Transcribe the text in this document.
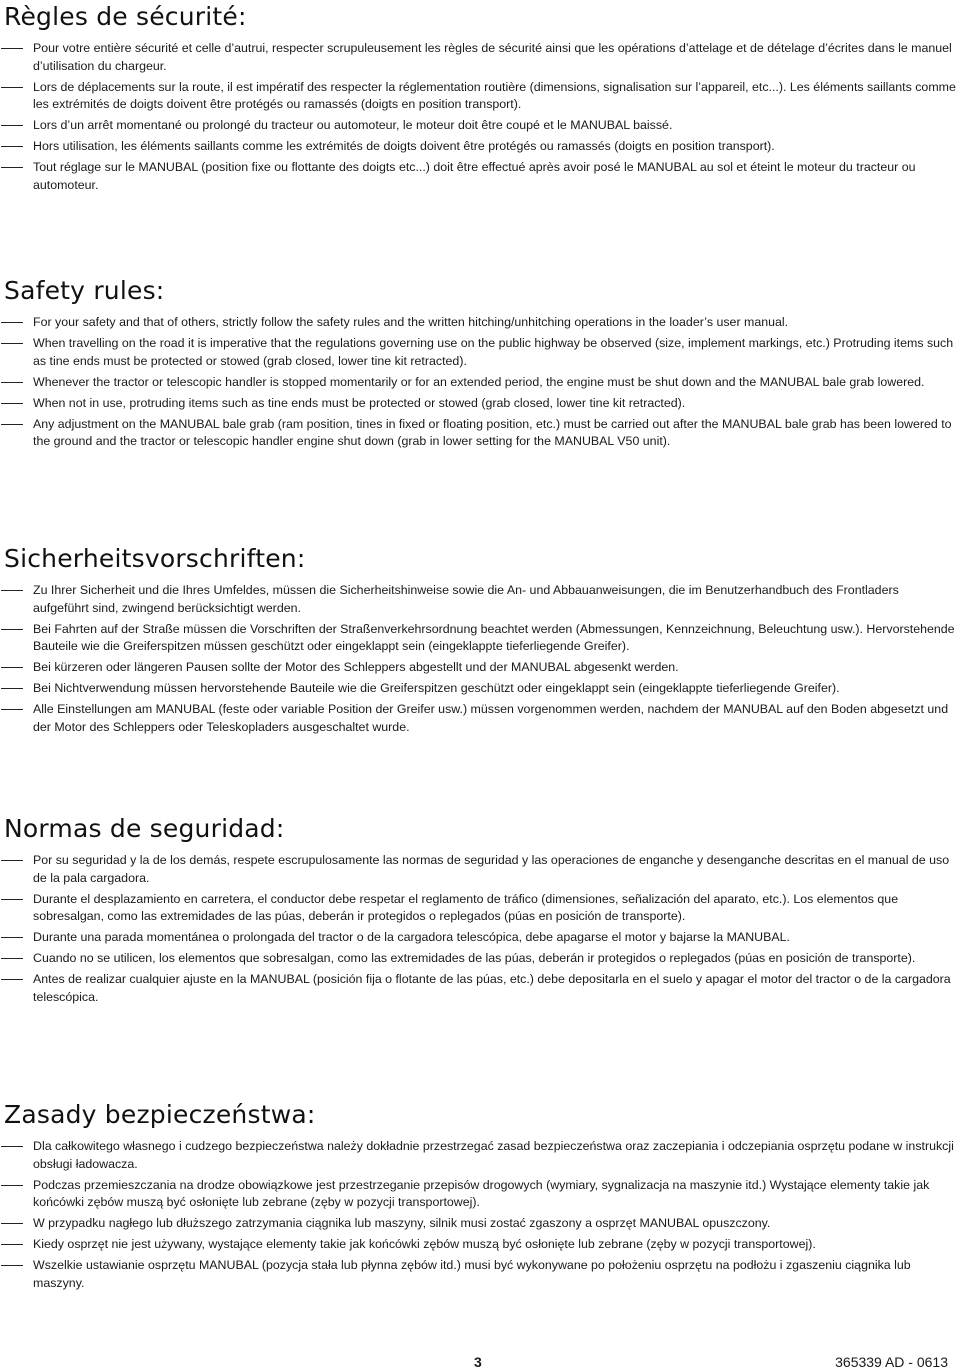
Règles de sécurité:
Pour votre entière sécurité et celle d’autrui, respecter scrupuleusement les règles de sécurité ainsi que les opérations d’attelage et de dételage d’écrites dans le manuel d’utilisation du chargeur.
Lors de déplacements sur la route, il est impératif des respecter la réglementation routière (dimensions, signalisation sur l’appareil, etc...). Les éléments saillants comme les extrémités de doigts doivent être protégés ou ramassés (doigts en position transport).
Lors d’un arrêt momentané ou prolongé du tracteur ou automoteur, le moteur doit être coupé et le MANUBAL baissé.
Hors utilisation, les éléments saillants comme les extrémités de doigts doivent être protégés ou ramassés (doigts en position transport).
Tout réglage sur le MANUBAL (position fixe ou flottante des doigts etc...) doit être effectué après avoir posé le MANUBAL au sol et éteint le moteur du tracteur ou automoteur.
Safety rules:
For your safety and that of others, strictly follow the safety rules and the written hitching/unhitching operations in the loader’s user manual.
When travelling on the road it is imperative that the regulations governing use on the public highway be observed (size, implement markings, etc.) Protruding items such as tine ends must be protected or stowed (grab closed, lower tine kit retracted).
Whenever the tractor or telescopic handler is stopped momentarily or for an extended period, the engine must be shut down and the MANUBAL bale grab lowered.
When not in use, protruding items such as tine ends must be protected or stowed (grab closed, lower tine kit retracted).
Any adjustment on the MANUBAL bale grab (ram position, tines in fixed or floating position, etc.) must be carried out after the MANUBAL bale grab has been lowered to the ground and the tractor or telescopic handler engine shut down (grab in lower setting for the MANUBAL V50 unit).
Sicherheitsvorschriften:
Zu Ihrer Sicherheit und die Ihres Umfeldes, müssen die Sicherheitshinweise sowie die An- und Abbauanweisungen, die im Benutzerhandbuch des Frontladers aufgeführt sind, zwingend berücksichtigt werden.
Bei Fahrten auf der Straße müssen die Vorschriften der Straßenverkehrsordnung beachtet werden (Abmessungen, Kennzeichnung, Beleuchtung usw.). Hervorstehende Bauteile wie die Greiferspitzen müssen geschützt oder eingeklappt sein (eingeklappte tieferliegende Greifer).
Bei kürzeren oder längeren Pausen sollte der Motor des Schleppers abgestellt und der MANUBAL abgesenkt werden.
Bei Nichtverwendung müssen hervorstehende Bauteile wie die Greiferspitzen geschützt oder eingeklappt sein (eingeklappte tieferliegende Greifer).
Alle Einstellungen am MANUBAL (feste oder variable Position der Greifer usw.) müssen vorgenommen werden, nachdem der MANUBAL auf den Boden abgesetzt und der Motor des Schleppers oder Teleskopladers ausgeschaltet wurde.
Normas de seguridad:
Por su seguridad y la de los demás, respete escrupulosamente las normas de seguridad y las operaciones de enganche y desenganche descritas en el manual de uso de la pala cargadora.
Durante el desplazamiento en carretera, el conductor debe respetar el reglamento de tráfico (dimensiones, señalización del aparato, etc.). Los elementos que sobresalgan, como las extremidades de las púas, deberán ir protegidos o replegados (púas en posición de transporte).
Durante una parada momentánea o prolongada del tractor o de la cargadora telescópica, debe apagarse el motor y bajarse la MANUBAL.
Cuando no se utilicen, los elementos que sobresalgan, como las extremidades de las púas, deberán ir protegidos o replegados (púas en posición de transporte).
Antes de realizar cualquier ajuste en la MANUBAL (posición fija o flotante de las púas, etc.) debe depositarla en el suelo y apagar el motor del tractor o de la cargadora telescópica.
Zasady bezpieczeństwa:
Dla całkowitego własnego i cudzego bezpieczeństwa należy dokładnie przestrzegać zasad bezpieczeństwa oraz zaczepiania i odczepiania osprzętu podane w instrukcji obsługi ładowacza.
Podczas przemieszczania na drodze obowiązkowe jest przestrzeganie przepisów drogowych (wymiary, sygnalizacja na maszynie itd.) Wystające elementy takie jak końcówki zębów muszą być osłonięte lub zebrane (zęby w pozycji transportowej).
W przypadku nagłego lub dłuższego zatrzymania ciągnika lub maszyny, silnik musi zostać zgaszony a osprzęt MANUBAL opuszczony.
Kiedy osprzęt nie jest używany, wystające elementy takie jak końcówki zębów muszą być osłonięte lub zebrane (zęby w pozycji transportowej).
Wszelkie ustawianie osprzętu MANUBAL (pozycja stała lub płynna zębów itd.) musi być wykonywane po położeniu osprzętu na podłożu i zgaszeniu ciągnika lub maszyny.
3	365339 AD - 0613
